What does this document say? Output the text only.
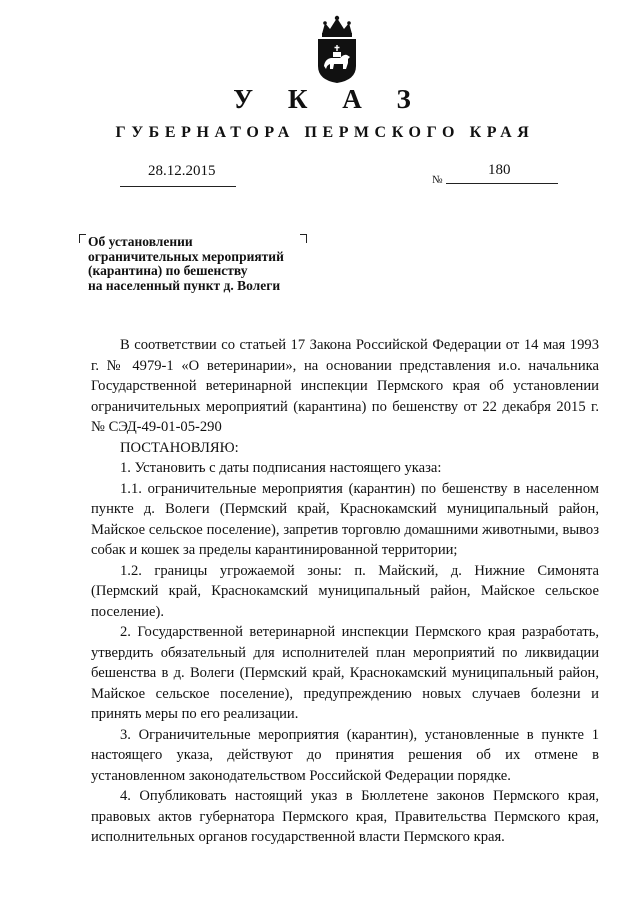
У К А З
ГУБЕРНАТОРА ПЕРМСКОГО КРАЯ
28.12.2015
№
180
Об установлении
ограничительных мероприятий
(карантина) по бешенству
на населенный пункт д. Волеги

В соответствии со статьей 17 Закона Российской Федерации от 14 мая 1993 г. № 4979-1 «О ветеринарии», на основании представления и.о. начальника Государственной ветеринарной инспекции Пермского края об установлении ограничительных мероприятий (карантина) по бешенству от 22 декабря 2015 г. № СЭД-49-01-05-290

ПОСТАНОВЛЯЮ:

1. Установить с даты подписания настоящего указа:

1.1. ограничительные мероприятия (карантин) по бешенству в населенном пункте д. Волеги (Пермский край, Краснокамский муниципальный район, Майское сельское поселение), запретив торговлю домашними животными, вывоз собак и кошек за пределы карантинированной территории;

1.2. границы угрожаемой зоны: п. Майский, д. Нижние Симонята (Пермский край, Краснокамский муниципальный район, Майское сельское поселение).

2. Государственной ветеринарной инспекции Пермского края разработать, утвердить обязательный для исполнителей план мероприятий по ликвидации бешенства в д. Волеги (Пермский край, Краснокамский муниципальный район, Майское сельское поселение), предупреждению новых случаев болезни и принять меры по его реализации.

3. Ограничительные мероприятия (карантин), установленные в пункте 1 настоящего указа, действуют до принятия решения об их отмене в установленном законодательством Российской Федерации порядке.

4. Опубликовать настоящий указ в Бюллетене законов Пермского края, правовых актов губернатора Пермского края, Правительства Пермского края, исполнительных органов государственной власти Пермского края.
